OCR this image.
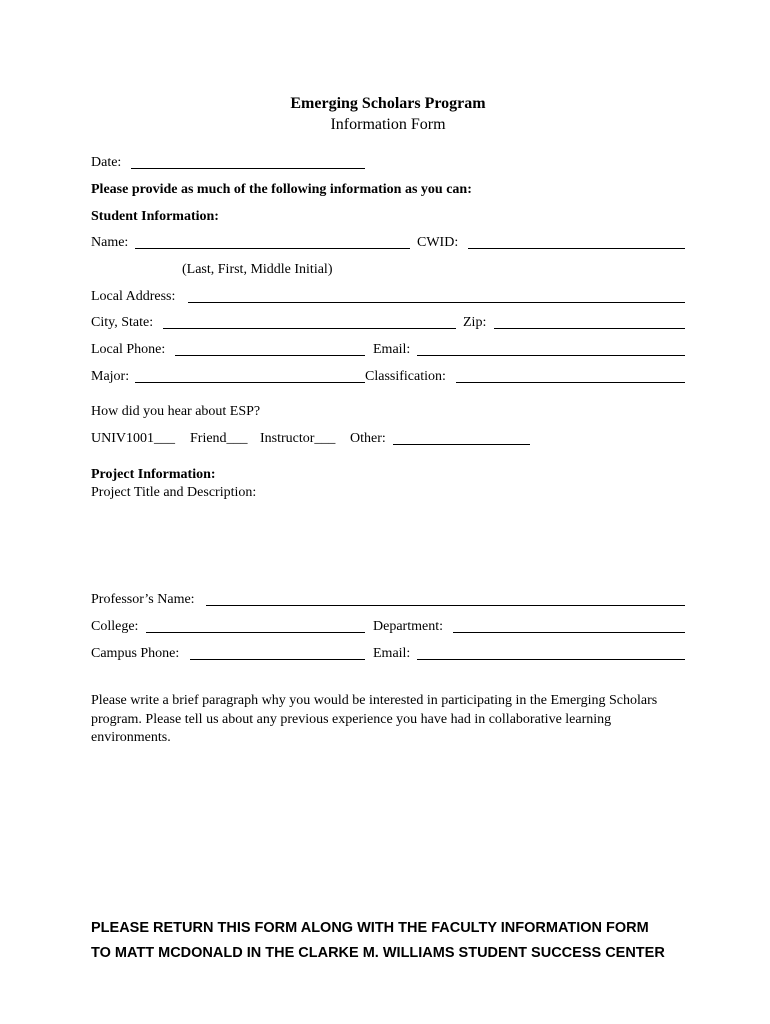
Emerging Scholars Program
Information Form
Date:
Please provide as much of the following information as you can:
Student Information:
Name:	CWID:
(Last, First, Middle Initial)
Local Address:
City, State:	Zip:
Local Phone:	Email:
Major:	Classification:
How did you hear about ESP?
UNIV1001___ Friend___ Instructor___ Other:
Project Information:
Project Title and Description:
Professor’s Name:
College:	Department:
Campus Phone:	Email:
Please write a brief paragraph why you would be interested in participating in the Emerging Scholars program. Please tell us about any previous experience you have had in collaborative learning environments.
PLEASE RETURN THIS FORM ALONG WITH THE FACULTY INFORMATION FORM
TO MATT MCDONALD IN THE CLARKE M. WILLIAMS STUDENT SUCCESS CENTER
